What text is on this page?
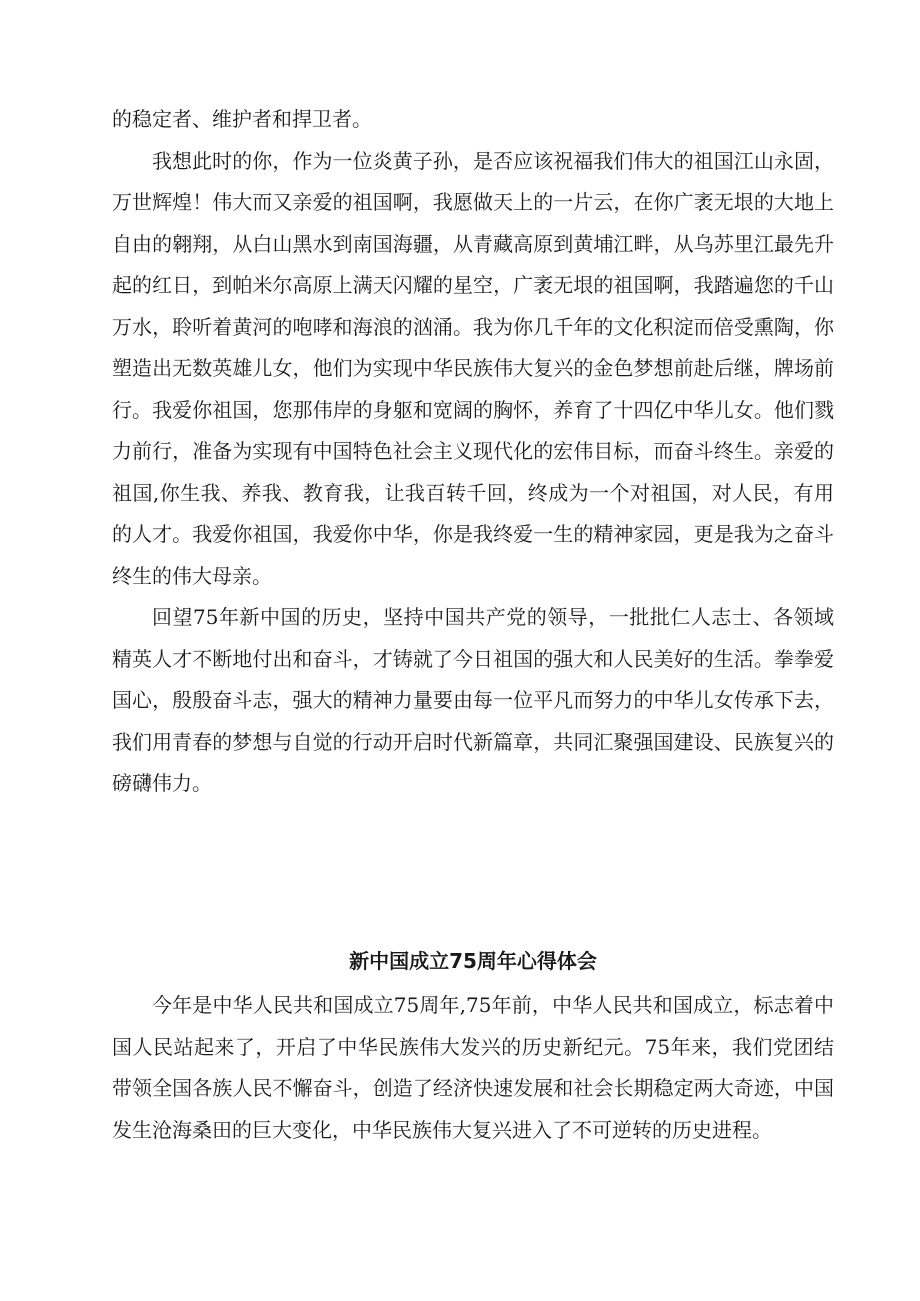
的稳定者、维护者和捍卫者。

我想此时的你，作为一位炎黄子孙，是否应该祝福我们伟大的祖国江山永固，万世辉煌！伟大而又亲爱的祖国啊，我愿做天上的一片云，在你广袤无垠的大地上自由的翱翔，从白山黑水到南国海疆，从青藏高原到黄埔江畔，从乌苏里江最先升起的红日，到帕米尔高原上满天闪耀的星空，广袤无垠的祖国啊，我踏遍您的千山万水，聆听着黄河的咆哮和海浪的汹涌。我为你几千年的文化积淀而倍受熏陶，你塑造出无数英雄儿女，他们为实现中华民族伟大复兴的金色梦想前赴后继，牌场前行。我爱你祖国，您那伟岸的身躯和宽阔的胸怀，养育了十四亿中华儿女。他们戮力前行，准备为实现有中国特色社会主义现代化的宏伟目标，而奋斗终生。亲爱的祖国,你生我、养我、教育我，让我百转千回，终成为一个对祖国，对人民，有用的人才。我爱你祖国，我爱你中华，你是我终爱一生的精神家园，更是我为之奋斗终生的伟大母亲。

回望75年新中国的历史，坚持中国共产党的领导，一批批仁人志士、各领域精英人才不断地付出和奋斗，才铸就了今日祖国的强大和人民美好的生活。拳拳爱国心，殷殷奋斗志，强大的精神力量要由每一位平凡而努力的中华儿女传承下去，我们用青春的梦想与自觉的行动开启时代新篇章，共同汇聚强国建设、民族复兴的磅礴伟力。

新中国成立75周年心得体会

今年是中华人民共和国成立75周年,75年前，中华人民共和国成立，标志着中国人民站起来了，开启了中华民族伟大发兴的历史新纪元。75年来，我们党团结带领全国各族人民不懈奋斗，创造了经济快速发展和社会长期稳定两大奇迹，中国发生沧海桑田的巨大变化，中华民族伟大复兴进入了不可逆转的历史进程。
